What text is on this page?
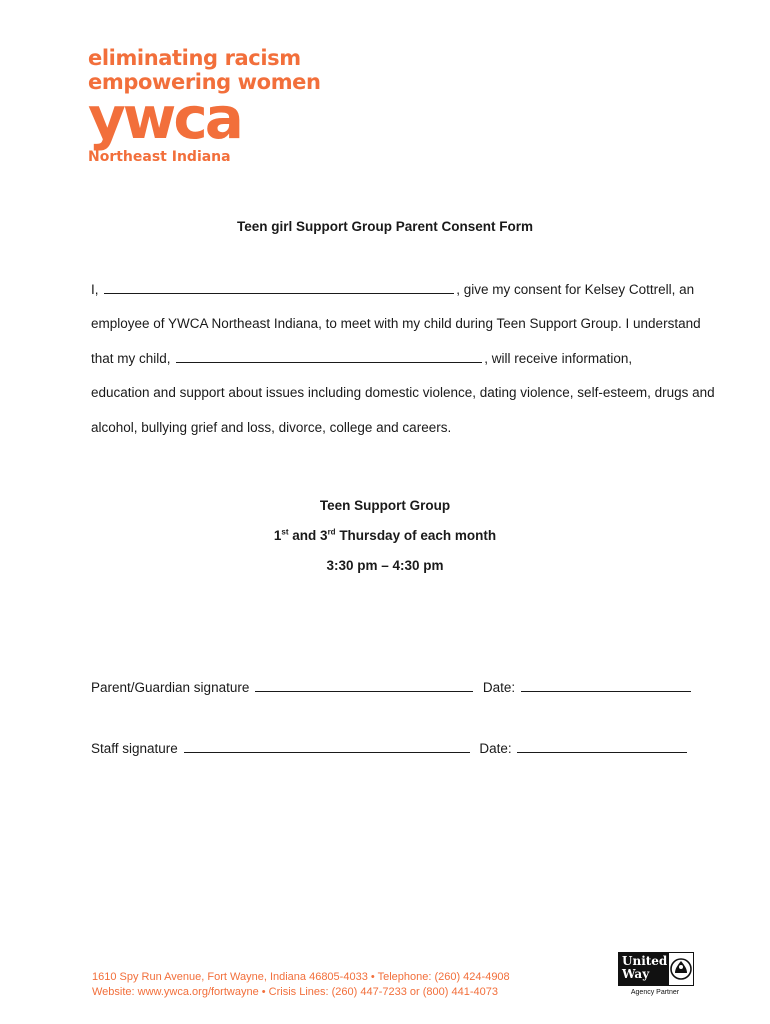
eliminating racism
empowering women
ywca
Northeast Indiana
Teen girl Support Group Parent Consent Form
I,	, give my consent for Kelsey Cottrell, an
employee of YWCA Northeast Indiana, to meet with my child during Teen Support Group. I understand
that my child,	, will receive information,
education and support about issues including domestic violence, dating violence, self-esteem, drugs and
alcohol, bullying grief and loss, divorce, college and careers.
Teen Support Group
1st and 3rd Thursday of each month
3:30 pm – 4:30 pm
Parent/Guardian signature	Date:
Staff signature	Date:
1610 Spy Run Avenue, Fort Wayne, Indiana 46805-4033 • Telephone: (260) 424-4908
Website: www.ywca.org/fortwayne • Crisis Lines: (260) 447-7233 or (800) 441-4073
United
Way
Agency Partner
